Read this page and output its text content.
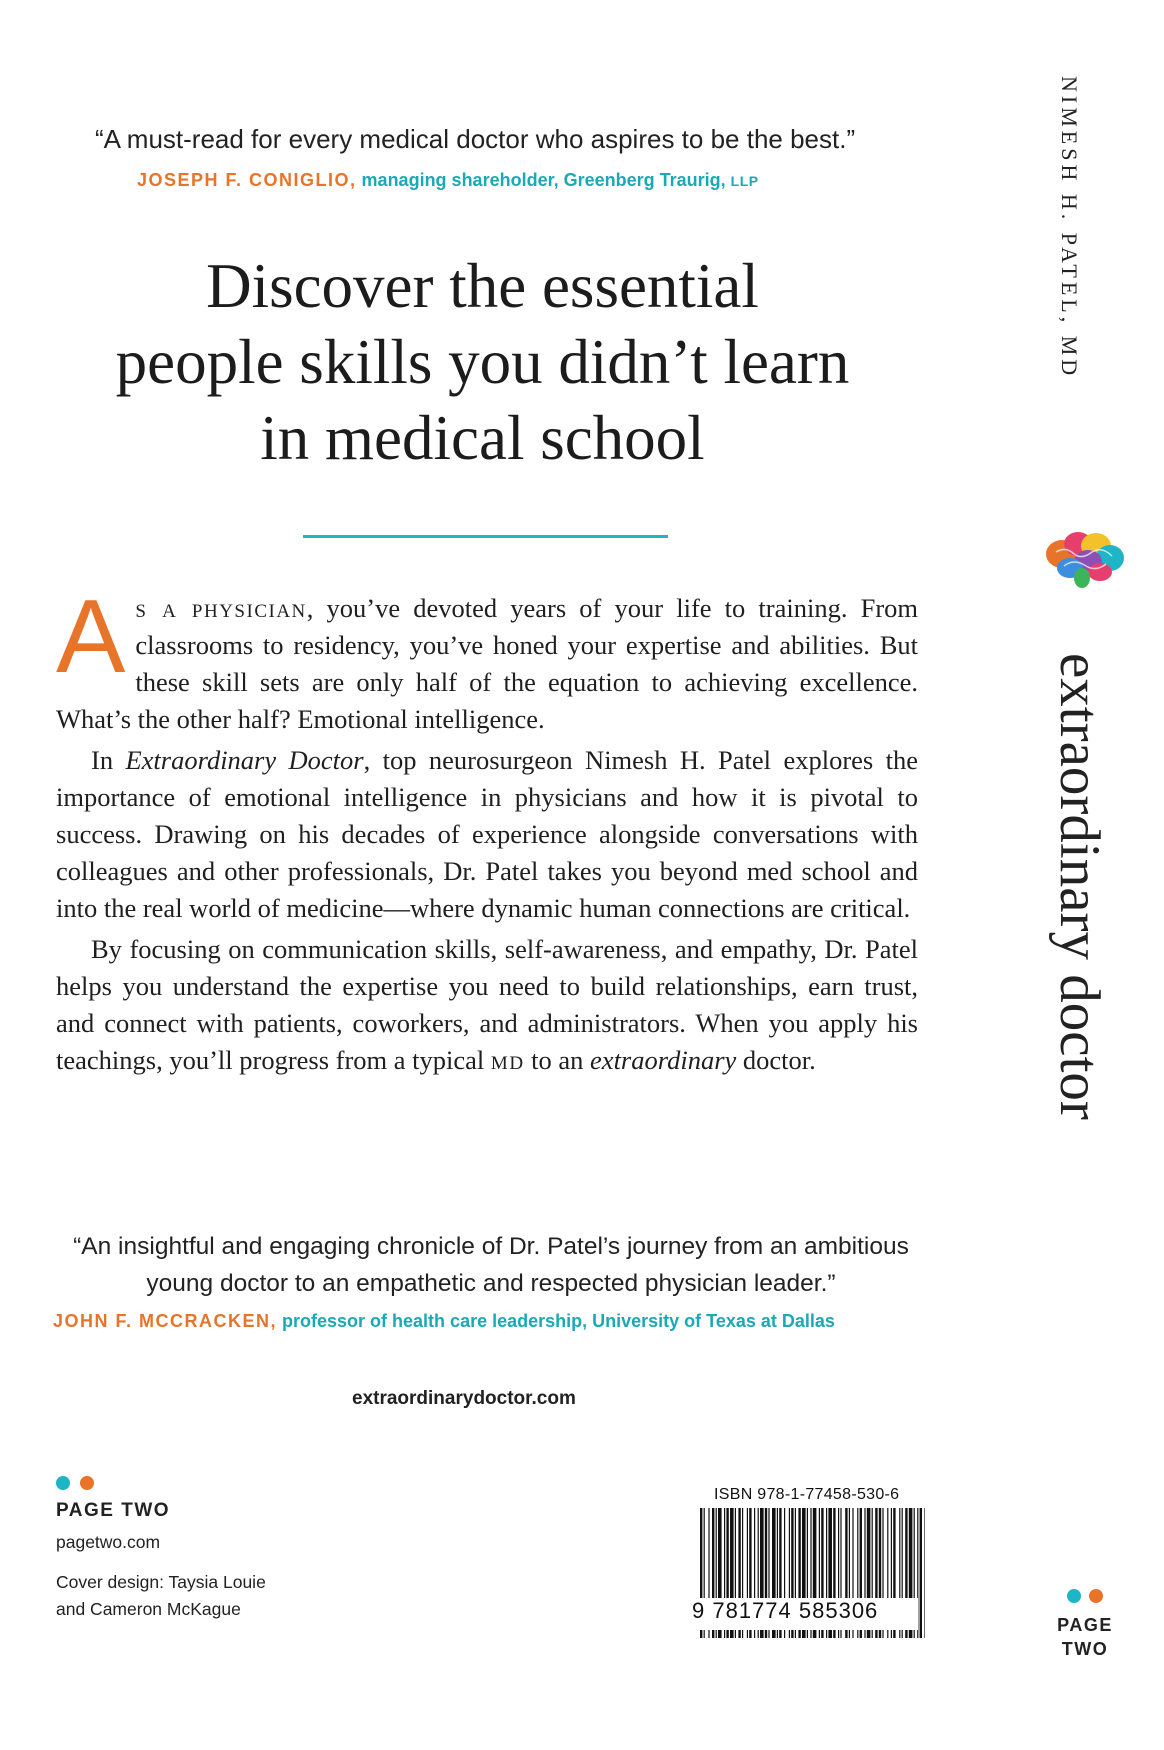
“A must-read for every medical doctor who aspires to be the best.”
JOSEPH F. CONIGLIO, managing shareholder, Greenberg Traurig, LLP
Discover the essential
people skills you didn’t learn
in medical school

As a physician, you’ve devoted years of your life to training. From classrooms to residency, you’ve honed your expertise and abilities. But these skill sets are only half of the equation to achieving excellence. What’s the other half? Emotional intelligence.

In Extraordinary Doctor, top neurosurgeon Nimesh H. Patel explores the importance of emotional intelligence in physicians and how it is pivotal to success. Drawing on his decades of experience alongside conversations with colleagues and other professionals, Dr. Patel takes you beyond med school and into the real world of medicine—where dynamic human connections are critical.

By focusing on communication skills, self-awareness, and empathy, Dr. Patel helps you understand the expertise you need to build relationships, earn trust, and connect with patients, coworkers, and administrators. When you apply his teachings, you’ll progress from a typical md to an extraordinary doctor.

“An insightful and engaging chronicle of Dr. Patel’s journey from an ambitious young doctor to an empathetic and respected physician leader.”
JOHN F. MCCRACKEN, professor of health care leadership, University of Texas at Dallas
extraordinarydoctor.com
PAGE TWO
pagetwo.com
Cover design: Taysia Louie
and Cameron McKague
ISBN 978-1-77458-530-6
9 781774 585306
NIMESH H. PATEL, MD
extraordinary doctor
PAGE
TWO
